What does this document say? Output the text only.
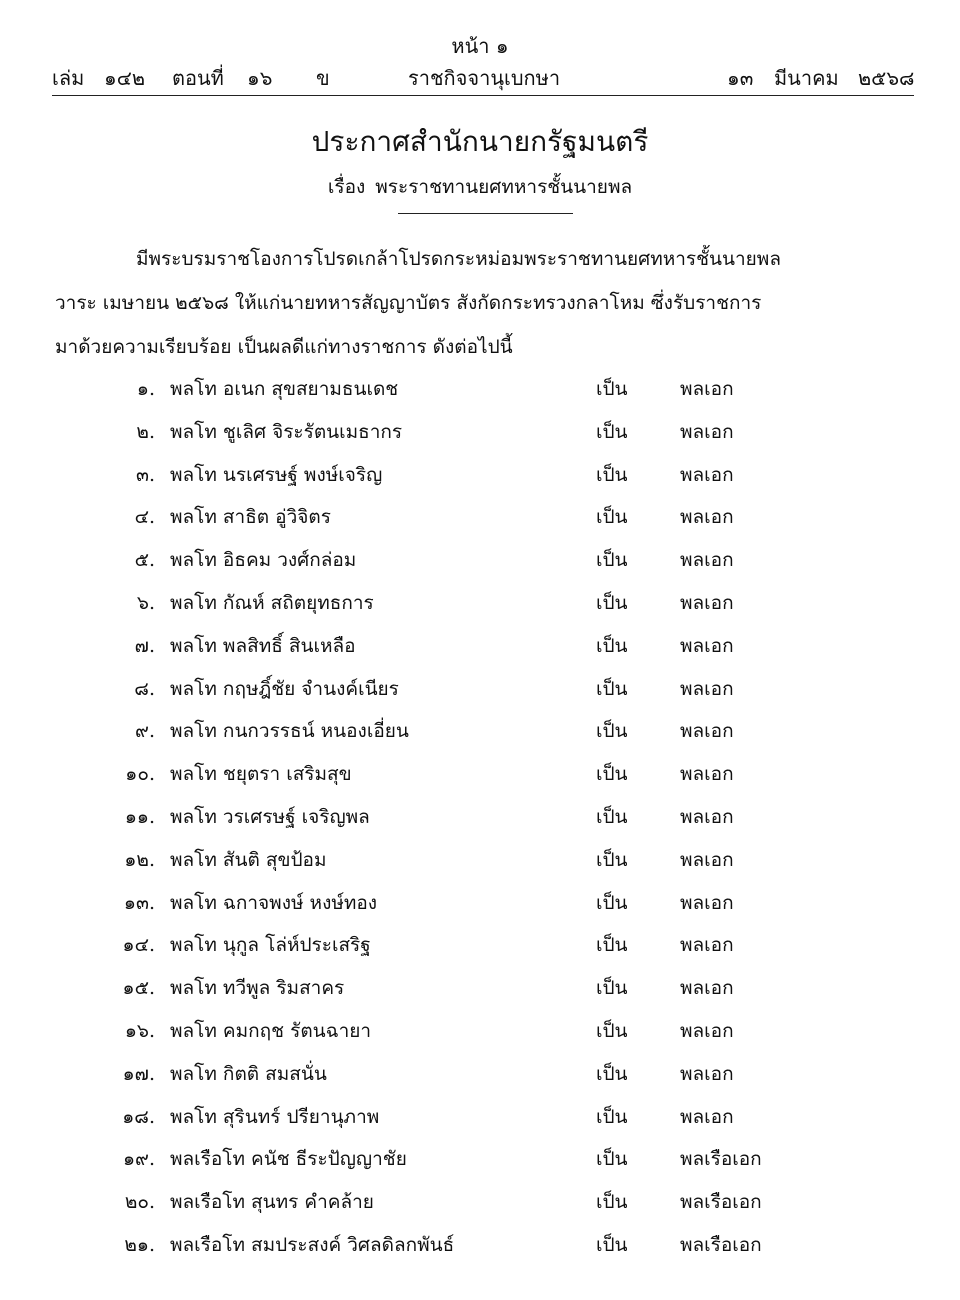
หน้า ๑
เล่ม ๑๔๒ ตอนที่ ๑๖ ข	ราชกิจจานุเบกษา	๑๓ มีนาคม ๒๕๖๘
ประกาศสำนักนายกรัฐมนตรี
เรื่อง พระราชทานยศทหารชั้นนายพล
มีพระบรมราชโองการโปรดเกล้าโปรดกระหม่อมพระราชทานยศทหารชั้นนายพล
วาระ เมษายน ๒๕๖๘ ให้แก่นายทหารสัญญาบัตร สังกัดกระทรวงกลาโหม ซึ่งรับราชการ
มาด้วยความเรียบร้อย เป็นผลดีแก่ทางราชการ ดังต่อไปนี้
๑. พลโท อเนก สุขสยามธนเดช	เป็น	พลเอก
๒. พลโท ชูเลิศ จิระรัตนเมธากร	เป็น	พลเอก
๓. พลโท นรเศรษฐ์ พงษ์เจริญ	เป็น	พลเอก
๔. พลโท สาธิต อู่วิจิตร	เป็น	พลเอก
๕. พลโท อิธคม วงศ์กล่อม	เป็น	พลเอก
๖. พลโท กัณห์ สถิตยุทธการ	เป็น	พลเอก
๗. พลโท พลสิทธิ์ สินเหลือ	เป็น	พลเอก
๘. พลโท กฤษฎิ์ชัย จำนงค์เนียร	เป็น	พลเอก
๙. พลโท กนกวรรธน์ หนองเอี่ยน	เป็น	พลเอก
๑๐. พลโท ชยุตรา เสริมสุข	เป็น	พลเอก
๑๑. พลโท วรเศรษฐ์ เจริญพล	เป็น	พลเอก
๑๒. พลโท สันติ สุขป้อม	เป็น	พลเอก
๑๓. พลโท ฉกาจพงษ์ หงษ์ทอง	เป็น	พลเอก
๑๔. พลโท นุกูล โล่ห์ประเสริฐ	เป็น	พลเอก
๑๕. พลโท ทวีพูล ริมสาคร	เป็น	พลเอก
๑๖. พลโท คมกฤช รัตนฉายา	เป็น	พลเอก
๑๗. พลโท กิตติ สมสนั่น	เป็น	พลเอก
๑๘. พลโท สุรินทร์ ปรียานุภาพ	เป็น	พลเอก
๑๙. พลเรือโท คนัช ธีระปัญญาชัย	เป็น	พลเรือเอก
๒๐. พลเรือโท สุนทร คำคล้าย	เป็น	พลเรือเอก
๒๑. พลเรือโท สมประสงค์ วิศลดิลกพันธ์	เป็น	พลเรือเอก
